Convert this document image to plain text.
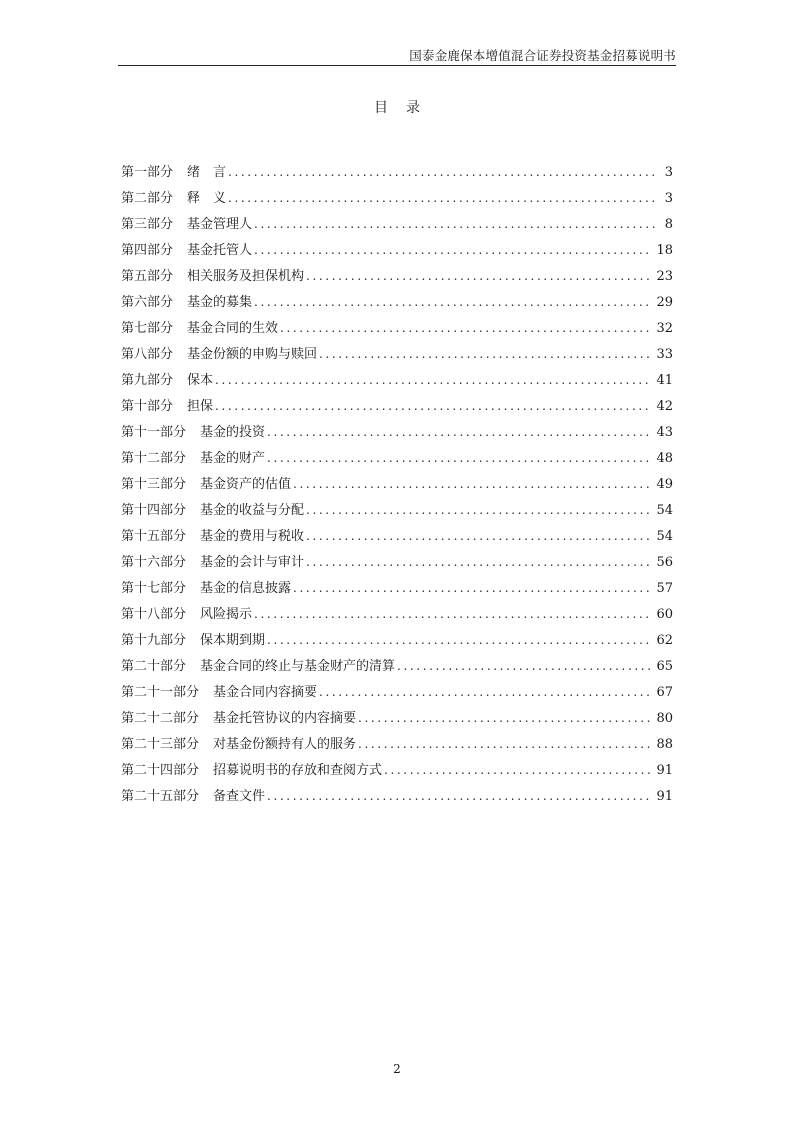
国泰金鹿保本增值混合证券投资基金招募说明书
目 录
第一部分 绪　言 .....	3
第二部分 释　义 .....	3
第三部分 基金管理人 .....	8
第四部分 基金托管人 .....	18
第五部分 相关服务及担保机构 .....	23
第六部分 基金的募集 .....	29
第七部分 基金合同的生效 .....	32
第八部分 基金份额的申购与赎回 .....	33
第九部分 保本 .....	41
第十部分 担保 .....	42
第十一部分 基金的投资 .....	43
第十二部分 基金的财产 .....	48
第十三部分 基金资产的估值 .....	49
第十四部分 基金的收益与分配 .....	54
第十五部分 基金的费用与税收 .....	54
第十六部分 基金的会计与审计 .....	56
第十七部分 基金的信息披露 .....	57
第十八部分 风险揭示 .....	60
第十九部分 保本期到期 .....	62
第二十部分 基金合同的终止与基金财产的清算 .....	65
第二十一部分 基金合同内容摘要 .....	67
第二十二部分 基金托管协议的内容摘要 .....	80
第二十三部分 对基金份额持有人的服务 .....	88
第二十四部分 招募说明书的存放和查阅方式 .....	91
第二十五部分 备查文件 .....	91
2
